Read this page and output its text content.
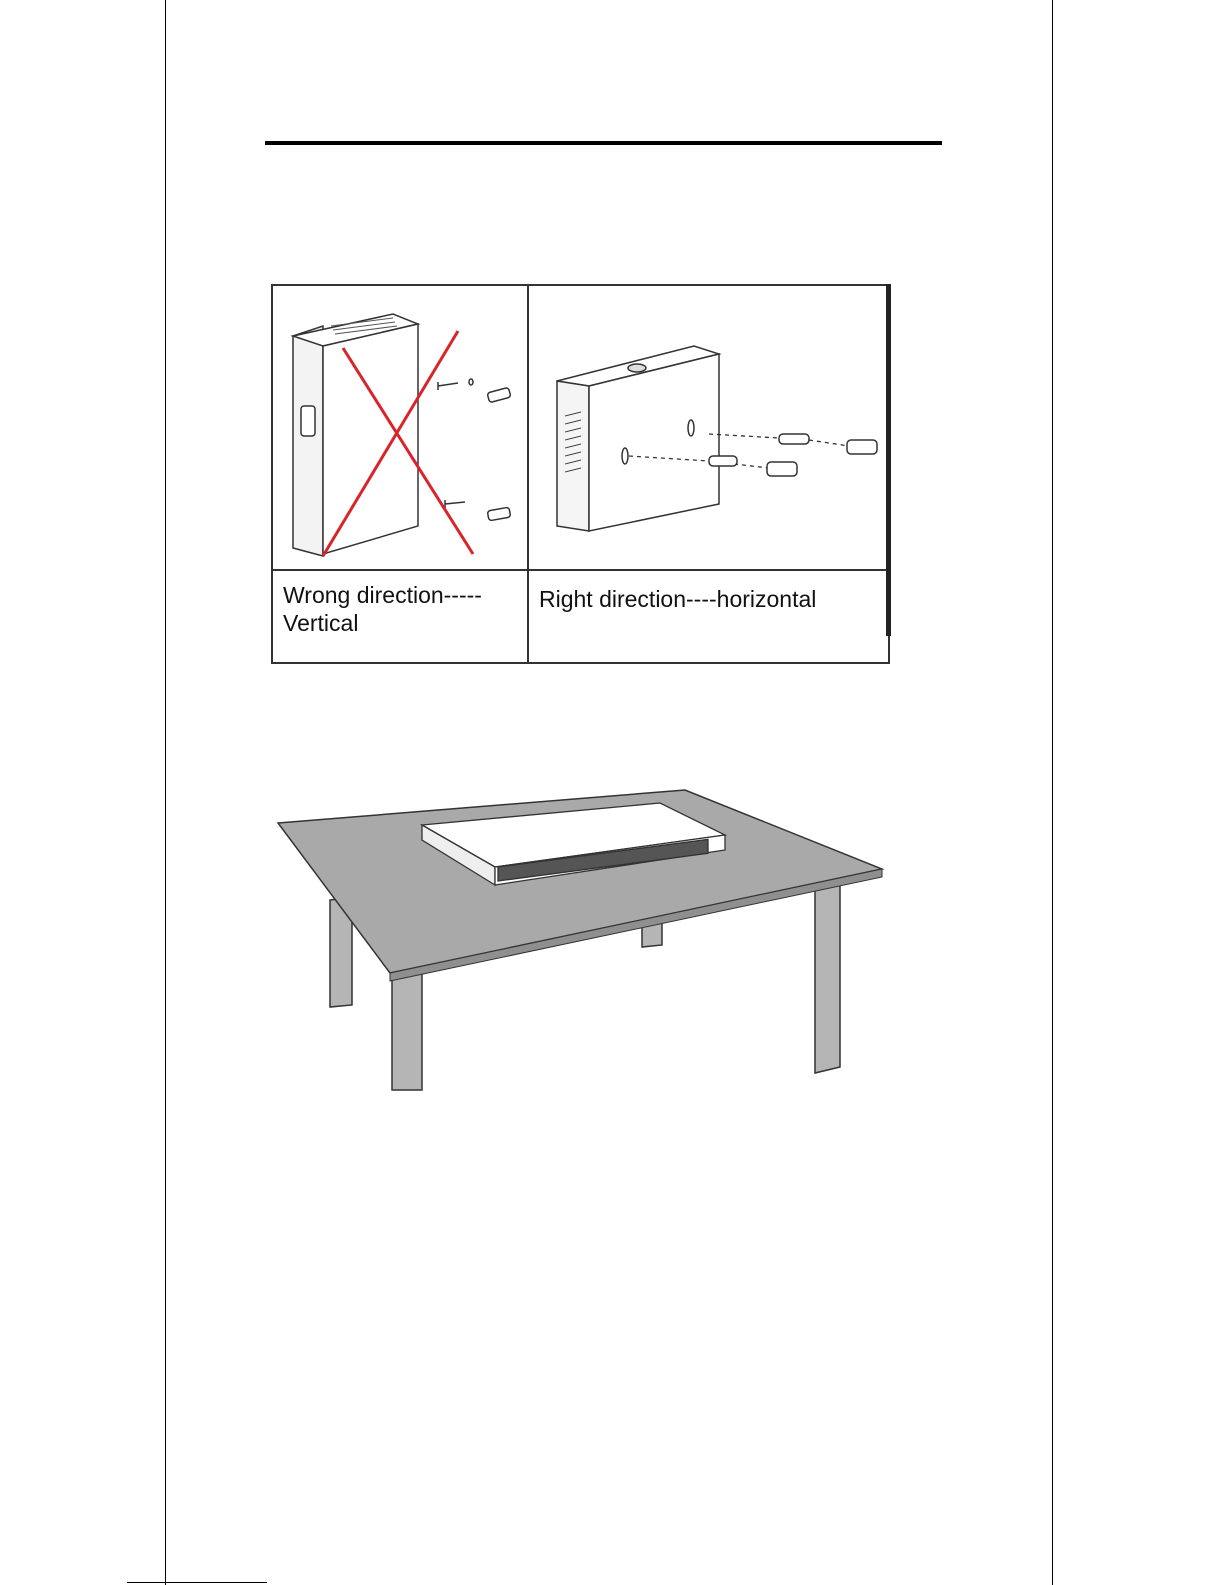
Wrong direction-----
Vertical	Right direction----horizontal
